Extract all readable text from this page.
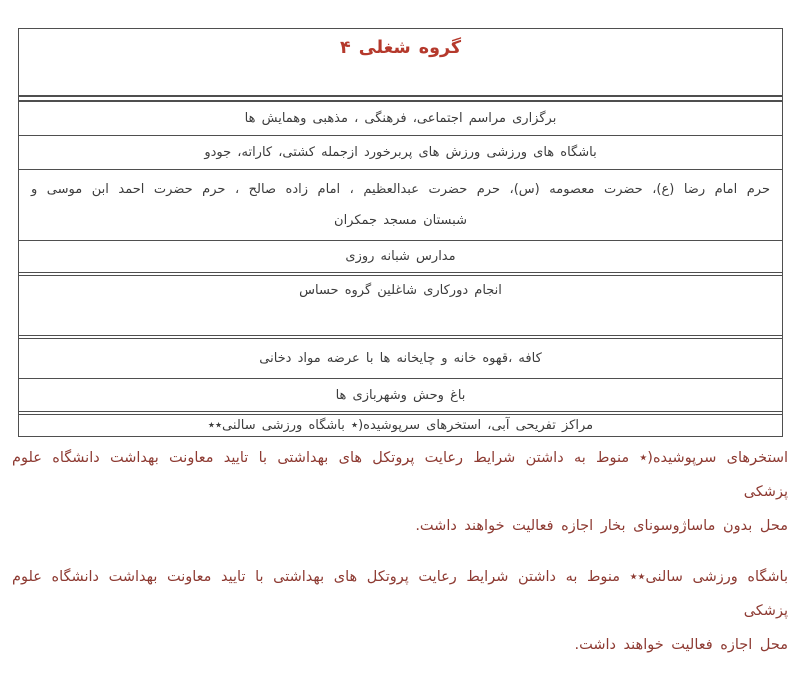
گروه شغلی ۴
برگزاری مراسم اجتماعی، فرهنگی ، مذهبی وهمایش ها
باشگاه های ورزشی ورزش های پربرخورد ازجمله کشتی، کاراته، جودو
حرم امام رضا (ع)، حضرت معصومه (س)، حرم حضرت عبدالعظیم ، امام زاده صالح ، حرم حضرت احمد ابن موسی و
شبستان مسجد جمکران
مدارس شبانه روزی
انجام دورکاری شاغلین گروه حساس
کافه ،قهوه خانه و چایخانه ها با عرضه مواد دخانی
باغ وحش وشهربازی ها
مراکز تفریحی آبی، استخرهای سرپوشیده(٭ باشگاه ورزشی سالنی٭٭
استخرهای سرپوشیده(٭ منوط به داشتن شرایط رعایت پروتکل های بهداشتی با تایید معاونت بهداشت دانشگاه علوم پزشکی
محل بدون ماساژوسونای بخار اجازه فعالیت خواهند داشت.
باشگاه ورزشی سالنی٭٭ منوط به داشتن شرایط رعایت پروتکل های بهداشتی با تایید معاونت بهداشت دانشگاه علوم پزشکی
محل اجازه فعالیت خواهند داشت.
